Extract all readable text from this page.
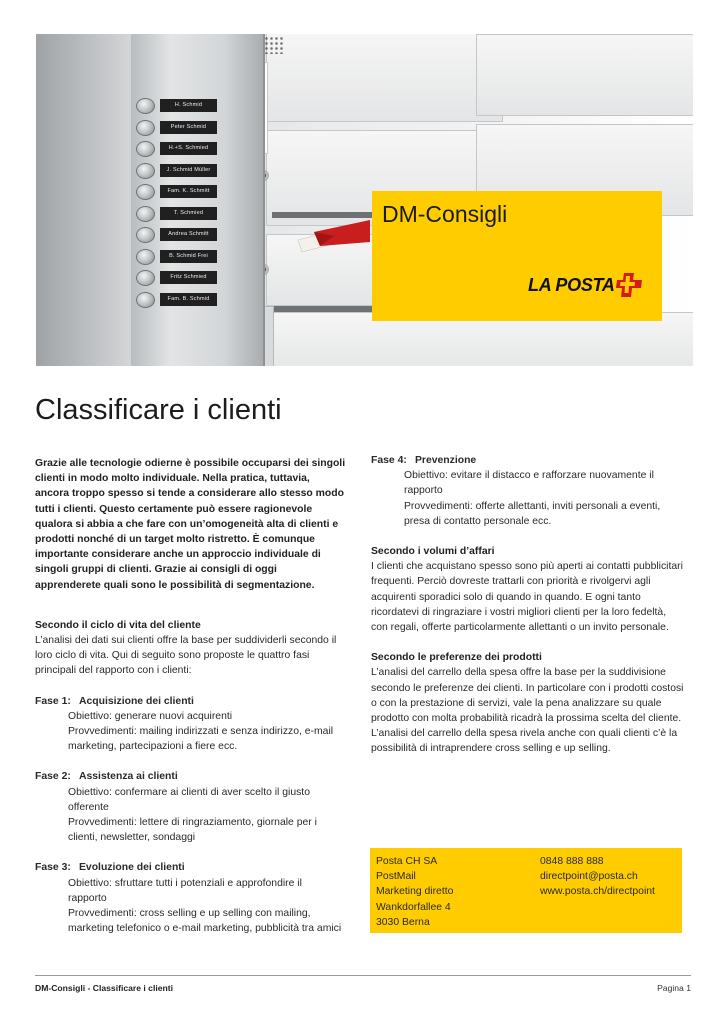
H. Schmid
Peter Schmid
H.+S. Schmied
J. Schmid Müller
Fam. K. Schmitt
T. Schmied
Andrea Schmitt
B. Schmid Frei
Fritz Schmied
Fam. B. Schmid
DM-Consigli
LA POSTA
Classificare i clienti
Grazie alle tecnologie odierne è possibile occuparsi dei singoli
clienti in modo molto individuale. Nella pratica, tuttavia,
ancora troppo spesso si tende a considerare allo stesso modo
tutti i clienti. Questo certamente può essere ragionevole
qualora si abbia a che fare con un’omogeneità alta di clienti e
prodotti nonché di un target molto ristretto. È comunque
importante considerare anche un approccio individuale di
singoli gruppi di clienti. Grazie ai consigli di oggi
apprenderete quali sono le possibilità di segmentazione.

Secondo il ciclo di vita del cliente

L’analisi dei dati sui clienti offre la base per suddividerli secondo il

loro ciclo di vita. Qui di seguito sono proposte le quattro fasi

principali del rapporto con i clienti:

Fase 1: Acquisizione dei clienti

Obiettivo: generare nuovi acquirenti

Provvedimenti: mailing indirizzati e senza indirizzo, e-mail

marketing, partecipazioni a fiere ecc.

Fase 2: Assistenza ai clienti

Obiettivo: confermare ai clienti di aver scelto il giusto

offerente

Provvedimenti: lettere di ringraziamento, giornale per i

clienti, newsletter, sondaggi

Fase 3: Evoluzione dei clienti

Obiettivo: sfruttare tutti i potenziali e approfondire il

rapporto

Provvedimenti: cross selling e up selling con mailing,

marketing telefonico o e-mail marketing, pubblicità tra amici

Fase 4: Prevenzione

Obiettivo: evitare il distacco e rafforzare nuovamente il

rapporto

Provvedimenti: offerte allettanti, inviti personali a eventi,

presa di contatto personale ecc.

Secondo i volumi d’affari

I clienti che acquistano spesso sono più aperti ai contatti pubblicitari

frequenti. Perciò dovreste trattarli con priorità e rivolgervi agli

acquirenti sporadici solo di quando in quando. E ogni tanto

ricordatevi di ringraziare i vostri migliori clienti per la loro fedeltà,

con regali, offerte particolarmente allettanti o un invito personale.

Secondo le preferenze dei prodotti

L’analisi del carrello della spesa offre la base per la suddivisione

secondo le preferenze dei clienti. In particolare con i prodotti costosi

o con la prestazione di servizi, vale la pena analizzare su quale

prodotto con molta probabilità ricadrà la prossima scelta del cliente.

L’analisi del carrello della spesa rivela anche con quali clienti c’è la

possibilità di intraprendere cross selling e up selling.

Posta CH SA
PostMail
Marketing diretto
Wankdorfallee 4
3030 Berna
0848 888 888
directpoint@posta.ch
www.posta.ch/directpoint
DM-Consigli - Classificare i clienti	Pagina 1
